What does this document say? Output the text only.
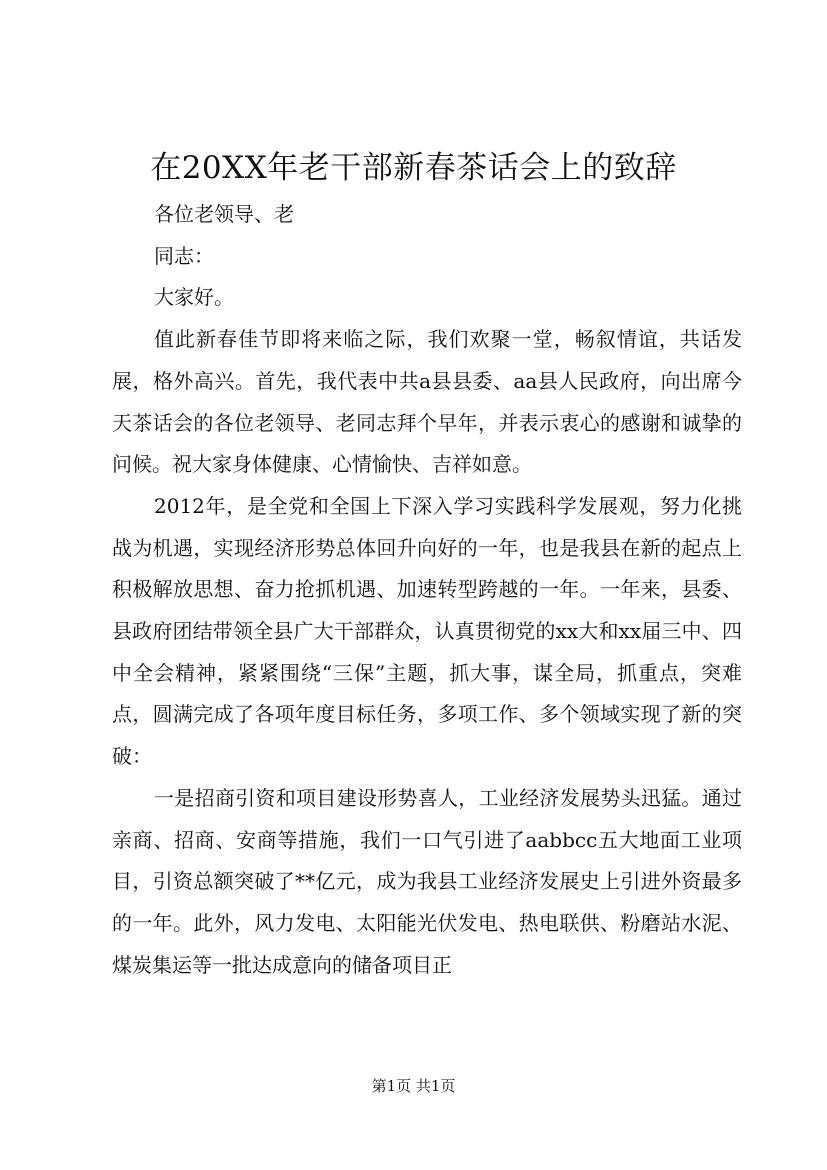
在20XX年老干部新春茶话会上的致辞

各位老领导、老

同志：

大家好。

值此新春佳节即将来临之际，我们欢聚一堂，畅叙情谊，共话发展，格外高兴。首先，我代表中共a县县委、aa县人民政府，向出席今天茶话会的各位老领导、老同志拜个早年，并表示衷心的感谢和诚挚的问候。祝大家身体健康、心情愉快、吉祥如意。

2012年，是全党和全国上下深入学习实践科学发展观，努力化挑战为机遇，实现经济形势总体回升向好的一年，也是我县在新的起点上积极解放思想、奋力抢抓机遇、加速转型跨越的一年。一年来，县委、县政府团结带领全县广大干部群众，认真贯彻党的xx大和xx届三中、四中全会精神，紧紧围绕“三保”主题，抓大事，谋全局，抓重点，突难点，圆满完成了各项年度目标任务，多项工作、多个领域实现了新的突破：

一是招商引资和项目建设形势喜人，工业经济发展势头迅猛。通过亲商、招商、安商等措施，我们一口气引进了aabbcc五大地面工业项目，引资总额突破了**亿元，成为我县工业经济发展史上引进外资最多的一年。此外，风力发电、太阳能光伏发电、热电联供、粉磨站水泥、煤炭集运等一批达成意向的储备项目正

第1页 共1页
